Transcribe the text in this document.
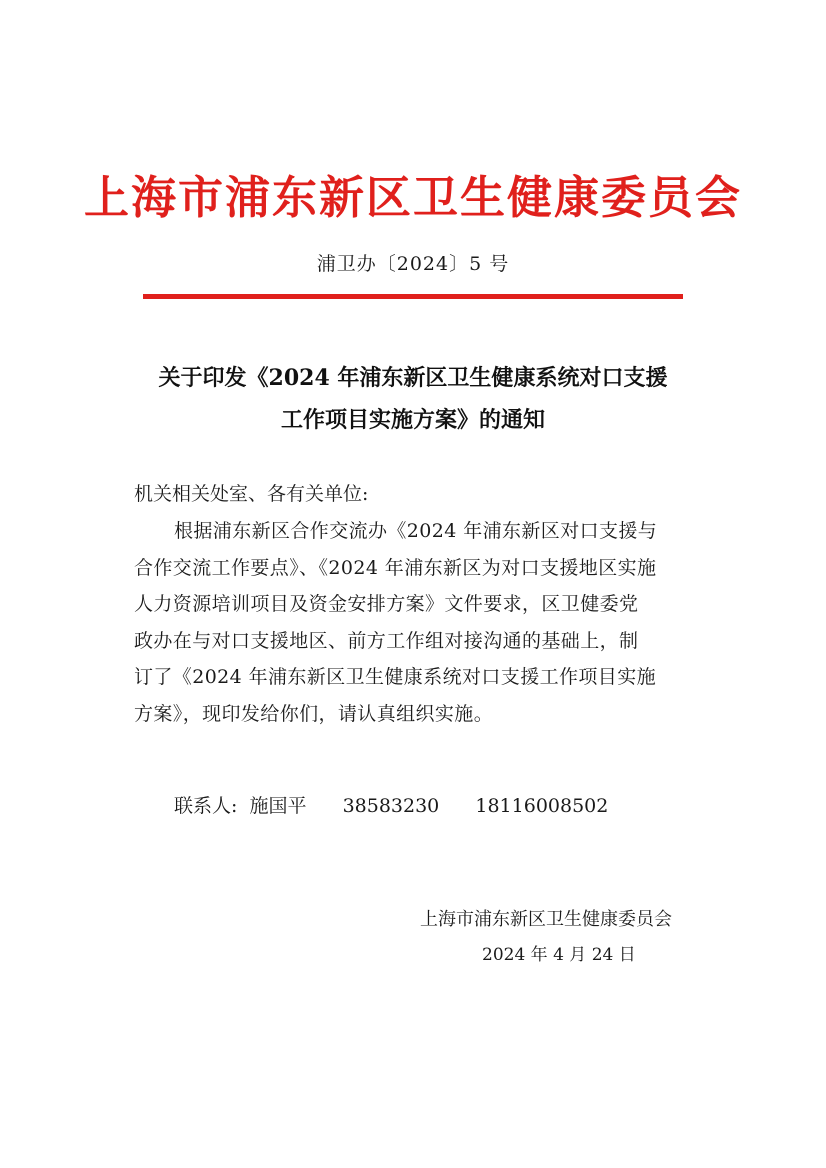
上海市浦东新区卫生健康委员会
浦卫办〔2024〕5 号
关于印发《2024 年浦东新区卫生健康系统对口支援
工作项目实施方案》的通知
机关相关处室、各有关单位:
根据浦东新区合作交流办《2024 年浦东新区对口支援与
合作交流工作要点》、《2024 年浦东新区为对口支援地区实施
人力资源培训项目及资金安排方案》文件要求，区卫健委党
政办在与对口支援地区、前方工作组对接沟通的基础上，制
订了《2024 年浦东新区卫生健康系统对口支援工作项目实施
方案》，现印发给你们，请认真组织实施。
联系人: 施国平 38583230 18116008502
上海市浦东新区卫生健康委员会
2024 年 4 月 24 日
